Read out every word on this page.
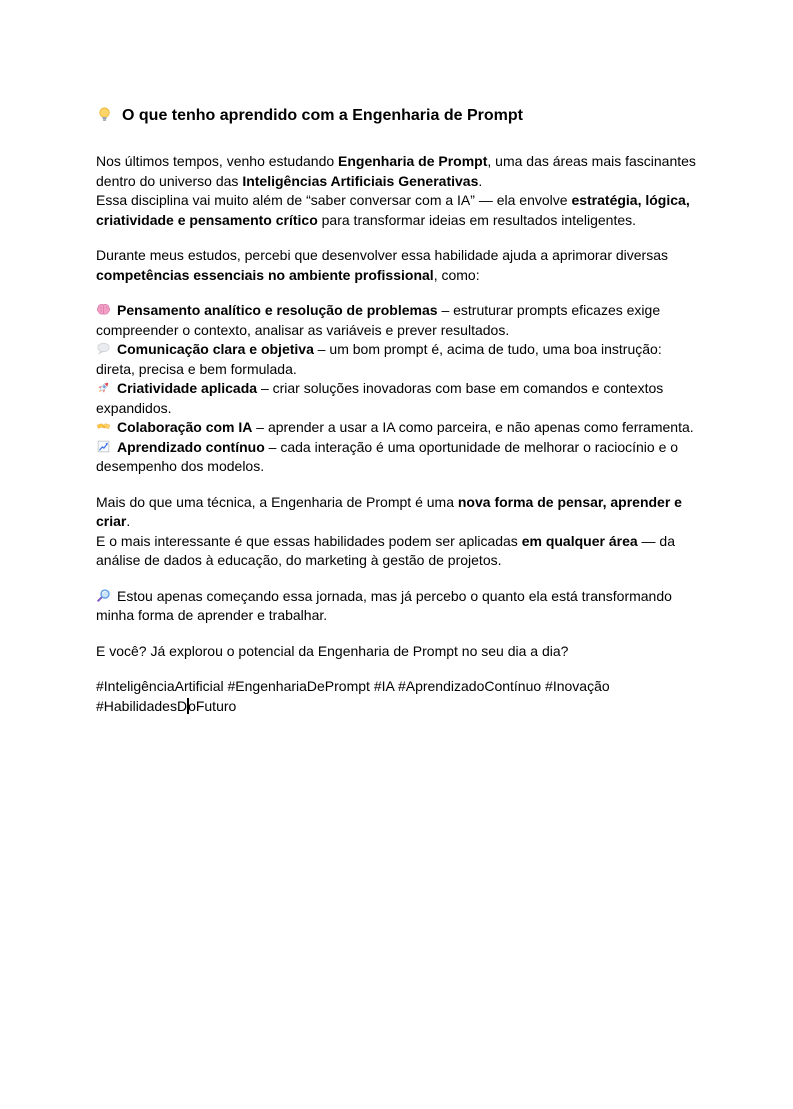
O que tenho aprendido com a Engenharia de Prompt

Nos últimos tempos, venho estudando Engenharia de Prompt, uma das áreas mais fascinantes dentro do universo das Inteligências Artificiais Generativas.
Essa disciplina vai muito além de “saber conversar com a IA” — ela envolve estratégia, lógica, criatividade e pensamento crítico para transformar ideias em resultados inteligentes.

Durante meus estudos, percebi que desenvolver essa habilidade ajuda a aprimorar diversas competências essenciais no ambiente profissional, como:

Pensamento analítico e resolução de problemas – estruturar prompts eficazes exige compreender o contexto, analisar as variáveis e prever resultados.
Comunicação clara e objetiva – um bom prompt é, acima de tudo, uma boa instrução: direta, precisa e bem formulada.
Criatividade aplicada – criar soluções inovadoras com base em comandos e contextos expandidos.
Colaboração com IA – aprender a usar a IA como parceira, e não apenas como ferramenta.
Aprendizado contínuo – cada interação é uma oportunidade de melhorar o raciocínio e o desempenho dos modelos.

Mais do que uma técnica, a Engenharia de Prompt é uma nova forma de pensar, aprender e criar.
E o mais interessante é que essas habilidades podem ser aplicadas em qualquer área — da análise de dados à educação, do marketing à gestão de projetos.

Estou apenas começando essa jornada, mas já percebo o quanto ela está transformando minha forma de aprender e trabalhar.

E você? Já explorou o potencial da Engenharia de Prompt no seu dia a dia?

#InteligênciaArtificial #EngenhariaDePrompt #IA #AprendizadoContínuo #Inovação #HabilidadesDoFuturo
